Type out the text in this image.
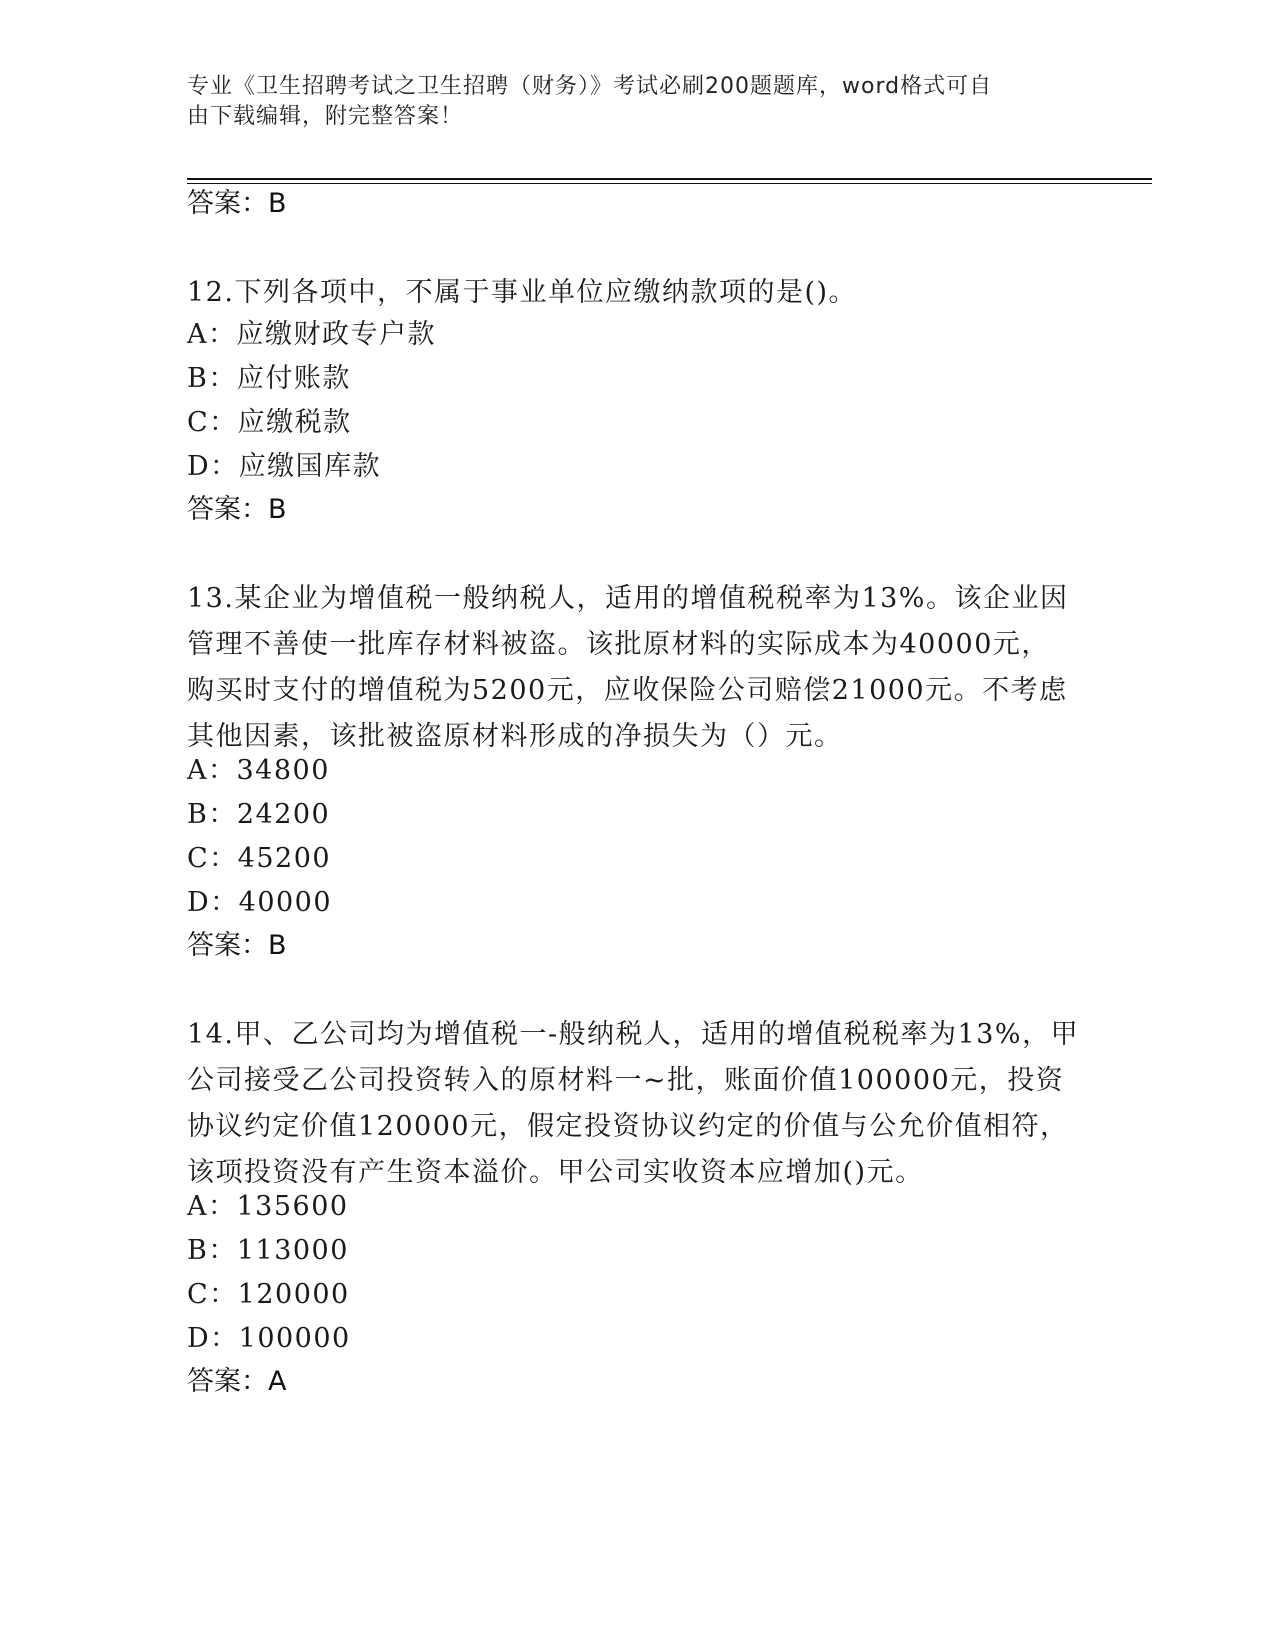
专业《卫生招聘考试之卫生招聘（财务）》考试必刷200题题库，word格式可自
由下载编辑，附完整答案！
答案：B
12.下列各项中，不属于事业单位应缴纳款项的是()。
A：应缴财政专户款
B：应付账款
C：应缴税款
D：应缴国库款
答案：B
13.某企业为增值税一般纳税人，适用的增值税税率为13%。该企业因
管理不善使一批库存材料被盗。该批原材料的实际成本为40000元，
购买时支付的增值税为5200元，应收保险公司赔偿21000元。不考虑
其他因素，该批被盗原材料形成的净损失为（）元。
A：34800
B：24200
C：45200
D：40000
答案：B
14.甲、乙公司均为增值税一-般纳税人，适用的增值税税率为13%，甲
公司接受乙公司投资转入的原材料一~批，账面价值100000元，投资
协议约定价值120000元，假定投资协议约定的价值与公允价值相符，
该项投资没有产生资本溢价。甲公司实收资本应增加()元。
A：135600
B：113000
C：120000
D：100000
答案：A
